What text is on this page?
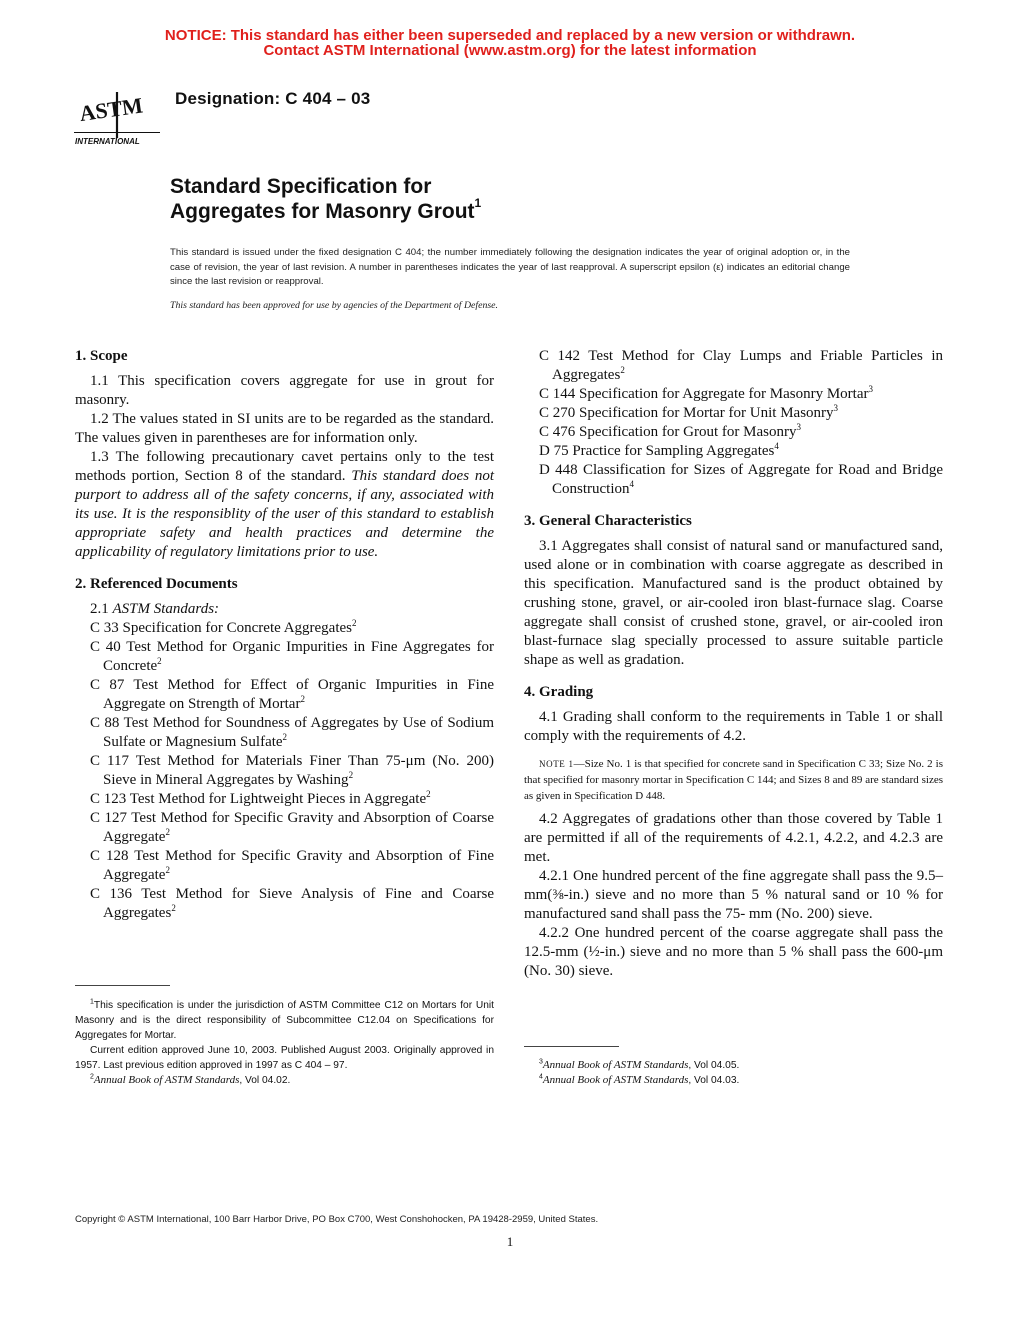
NOTICE: This standard has either been superseded and replaced by a new version or withdrawn.
Contact ASTM International (www.astm.org) for the latest information
ASTM
INTERNATIONAL
Designation: C 404 – 03
Standard Specification for
Aggregates for Masonry Grout$^1$
This standard is issued under the fixed designation C 404; the number immediately following the designation indicates the year of original adoption or, in the case of revision, the year of last revision. A number in parentheses indicates the year of last reapproval. A superscript epsilon (ε) indicates an editorial change since the last revision or reapproval.
This standard has been approved for use by agencies of the Department of Defense.
1. Scope
1.1 This specification covers aggregate for use in grout for masonry.
1.2 The values stated in SI units are to be regarded as the standard. The values given in parentheses are for information only.
1.3 The following precautionary cavet pertains only to the test methods portion, Section 8 of the standard. This standard does not purport to address all of the safety concerns, if any, associated with its use. It is the responsiblity of the user of this standard to establish appropriate safety and health practices and determine the applicability of regulatory limitations prior to use.
2. Referenced Documents
2.1 ASTM Standards:
C 33 Specification for Concrete Aggregates$^2$
C 40 Test Method for Organic Impurities in Fine Aggregates for Concrete$^2$
C 87 Test Method for Effect of Organic Impurities in Fine Aggregate on Strength of Mortar$^2$
C 88 Test Method for Soundness of Aggregates by Use of Sodium Sulfate or Magnesium Sulfate$^2$
C 117 Test Method for Materials Finer Than 75-μm (No. 200) Sieve in Mineral Aggregates by Washing$^2$
C 123 Test Method for Lightweight Pieces in Aggregate$^2$
C 127 Test Method for Specific Gravity and Absorption of Coarse Aggregate$^2$
C 128 Test Method for Specific Gravity and Absorption of Fine Aggregate$^2$
C 136 Test Method for Sieve Analysis of Fine and Coarse Aggregates$^2$
C 142 Test Method for Clay Lumps and Friable Particles in Aggregates$^2$
C 144 Specification for Aggregate for Masonry Mortar$^3$
C 270 Specification for Mortar for Unit Masonry$^3$
C 476 Specification for Grout for Masonry$^3$
D 75 Practice for Sampling Aggregates$^4$
D 448 Classification for Sizes of Aggregate for Road and Bridge Construction$^4$
3. General Characteristics
3.1 Aggregates shall consist of natural sand or manufactured sand, used alone or in combination with coarse aggregate as described in this specification. Manufactured sand is the product obtained by crushing stone, gravel, or air-cooled iron blast-furnace slag. Coarse aggregate shall consist of crushed stone, gravel, or air-cooled iron blast-furnace slag specially processed to assure suitable particle shape as well as gradation.
4. Grading
4.1 Grading shall conform to the requirements in Table 1 or shall comply with the requirements of 4.2.
NOTE 1—Size No. 1 is that specified for concrete sand in Specification C 33; Size No. 2 is that specified for masonry mortar in Specification C 144; and Sizes 8 and 89 are standard sizes as given in Specification D 448.
4.2 Aggregates of gradations other than those covered by Table 1 are permitted if all of the requirements of 4.2.1, 4.2.2, and 4.2.3 are met.
4.2.1 One hundred percent of the fine aggregate shall pass the 9.5–mm(⅜-in.) sieve and no more than 5 % natural sand or 10 % for manufactured sand shall pass the 75- mm (No. 200) sieve.
4.2.2 One hundred percent of the coarse aggregate shall pass the 12.5-mm (½-in.) sieve and no more than 5 % shall pass the 600-μm (No. 30) sieve.
$^1$This specification is under the jurisdiction of ASTM Committee C12 on Mortars for Unit Masonry and is the direct responsibility of Subcommittee C12.04 on Specifications for Aggregates for Mortar.
Current edition approved June 10, 2003. Published August 2003. Originally approved in 1957. Last previous edition approved in 1997 as C 404 – 97.
$^2$Annual Book of ASTM Standards, Vol 04.02.
$^3$Annual Book of ASTM Standards, Vol 04.05.
$^4$Annual Book of ASTM Standards, Vol 04.03.
Copyright © ASTM International, 100 Barr Harbor Drive, PO Box C700, West Conshohocken, PA 19428-2959, United States.
1
